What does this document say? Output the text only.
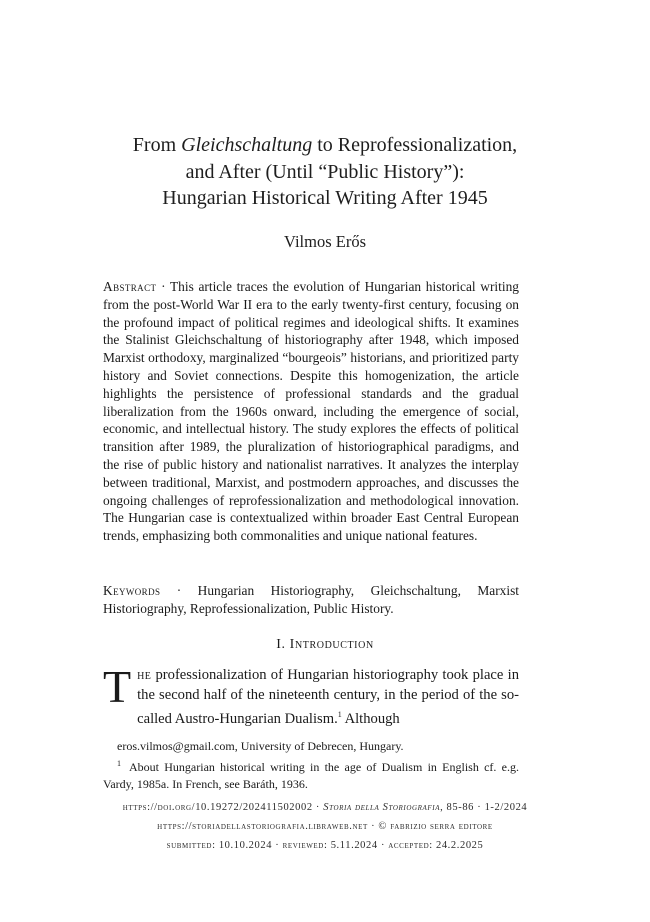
From Gleichschaltung to Reprofessionalization,
and After (Until “Public History”):
Hungarian Historical Writing After 1945
Vilmos Erős

Abstract · This article traces the evolution of Hungarian historical writing from the post-World War II era to the early twenty-first century, focusing on the profound impact of political regimes and ideological shifts. It examines the Stalinist Gleichschaltung of historiography after 1948, which imposed Marxist orthodoxy, marginalized “bourgeois” historians, and prioritized party history and Soviet connections. Despite this homogenization, the article highlights the persistence of professional standards and the gradual liberalization from the 1960s onward, including the emergence of social, economic, and intellectual history. The study explores the effects of political transition after 1989, the pluralization of historiographical paradigms, and the rise of public history and nationalist narratives. It analyzes the interplay between traditional, Marxist, and postmodern approaches, and discusses the ongoing challenges of reprofessionalization and methodological innovation. The Hungarian case is contextualized within broader East Central European trends, emphasizing both commonalities and unique national features.

Keywords · Hungarian Historiography, Gleichschaltung, Marxist Historiography, Reprofessionalization, Public History.

I. Introduction

The professionalization of Hungarian historiography took place in the second half of the nineteenth century, in the period of the so-called Austro-Hungarian Dualism.$^1$ Although

eros.vilmos@gmail.com, University of Debrecen, Hungary.

$^1$ About Hungarian historical writing in the age of Dualism in English cf. e.g. Vardy, 1985a. In French, see Baráth, 1936.

https://doi.org/10.19272/202411502002 · Storia della Storiografia, 85-86 · 1-2/2024
https://storiadellastoriografia.libraweb.net · © fabrizio serra editore
submitted: 10.10.2024 · reviewed: 5.11.2024 · accepted: 24.2.2025
